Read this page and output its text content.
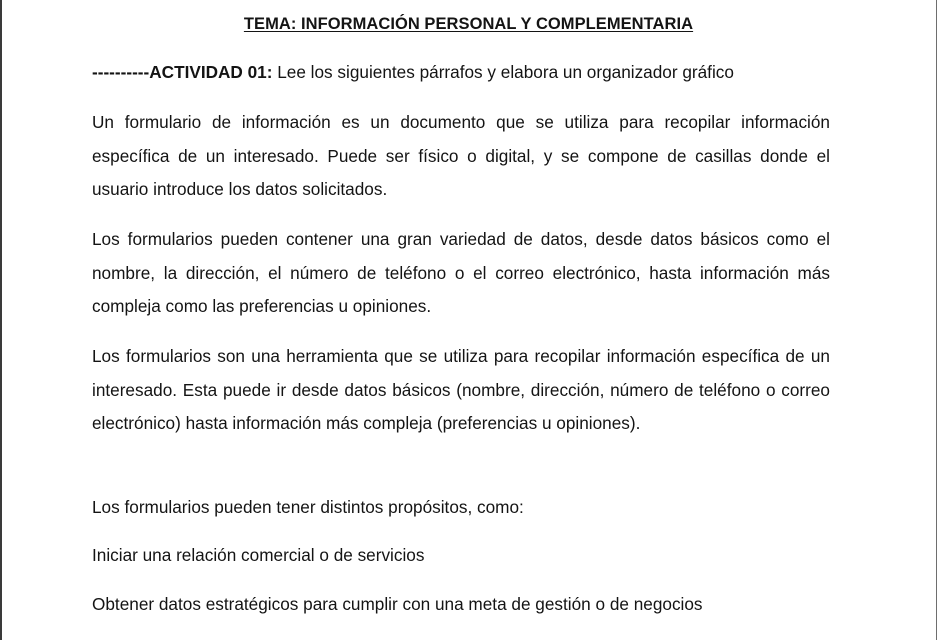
TEMA: INFORMACIÓN PERSONAL Y COMPLEMENTARIA
----------ACTIVIDAD 01: Lee los siguientes párrafos y elabora un organizador gráfico
Un formulario de información es un documento que se utiliza para recopilar información específica de un interesado. Puede ser físico o digital, y se compone de casillas donde el usuario introduce los datos solicitados.
Los formularios pueden contener una gran variedad de datos, desde datos básicos como el nombre, la dirección, el número de teléfono o el correo electrónico, hasta información más compleja como las preferencias u opiniones.
Los formularios son una herramienta que se utiliza para recopilar información específica de un interesado. Esta puede ir desde datos básicos (nombre, dirección, número de teléfono o correo electrónico) hasta información más compleja (preferencias u opiniones).
Los formularios pueden tener distintos propósitos, como:
Iniciar una relación comercial o de servicios
Obtener datos estratégicos para cumplir con una meta de gestión o de negocios
